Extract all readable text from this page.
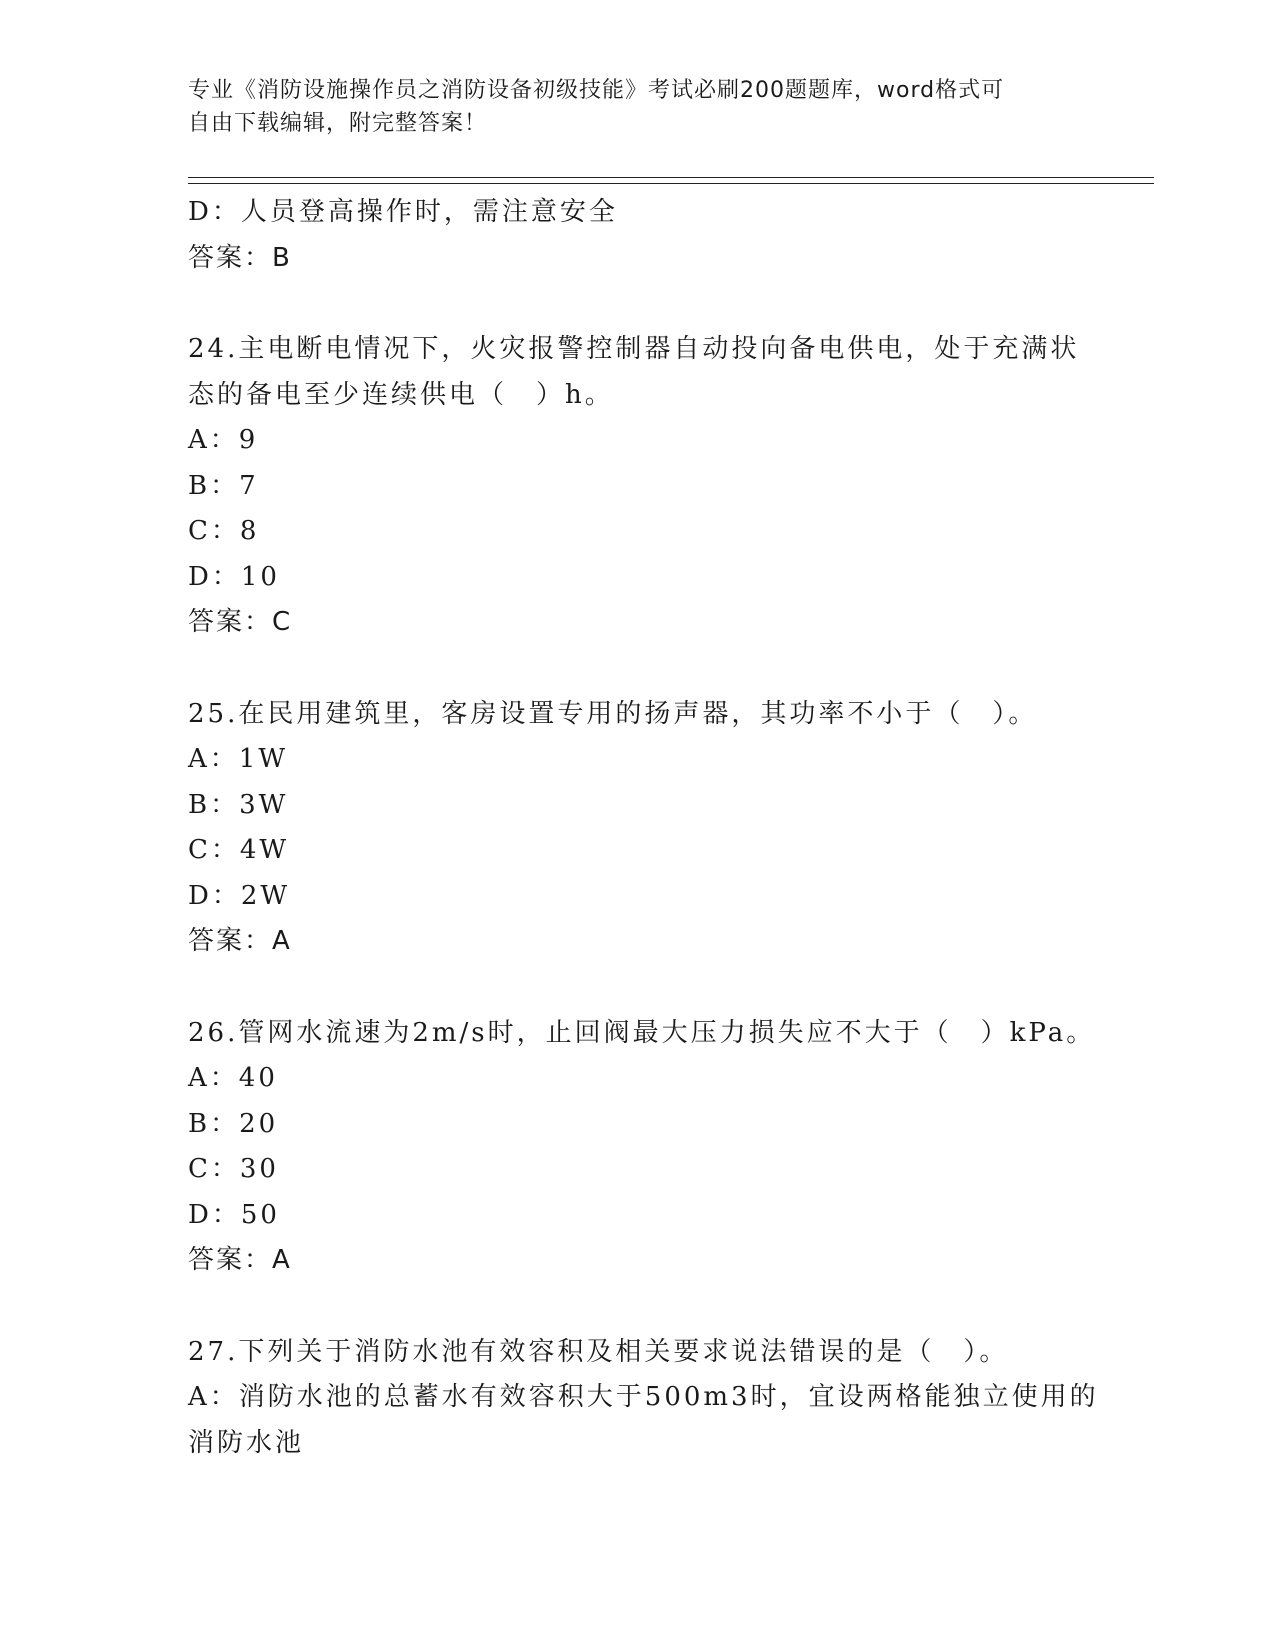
专业《消防设施操作员之消防设备初级技能》考试必刷200题题库，word格式可
自由下载编辑，附完整答案！
D：人员登高操作时，需注意安全
答案：B
24.主电断电情况下，火灾报警控制器自动投向备电供电，处于充满状
态的备电至少连续供电（　）h。
A：9
B：7
C：8
D：10
答案：C
25.在民用建筑里，客房设置专用的扬声器，其功率不小于（　）。
A：1W
B：3W
C：4W
D：2W
答案：A
26.管网水流速为2m/s时，止回阀最大压力损失应不大于（　）kPa。
A：40
B：20
C：30
D：50
答案：A
27.下列关于消防水池有效容积及相关要求说法错误的是（　）。
A：消防水池的总蓄水有效容积大于500m3时，宜设两格能独立使用的
消防水池
